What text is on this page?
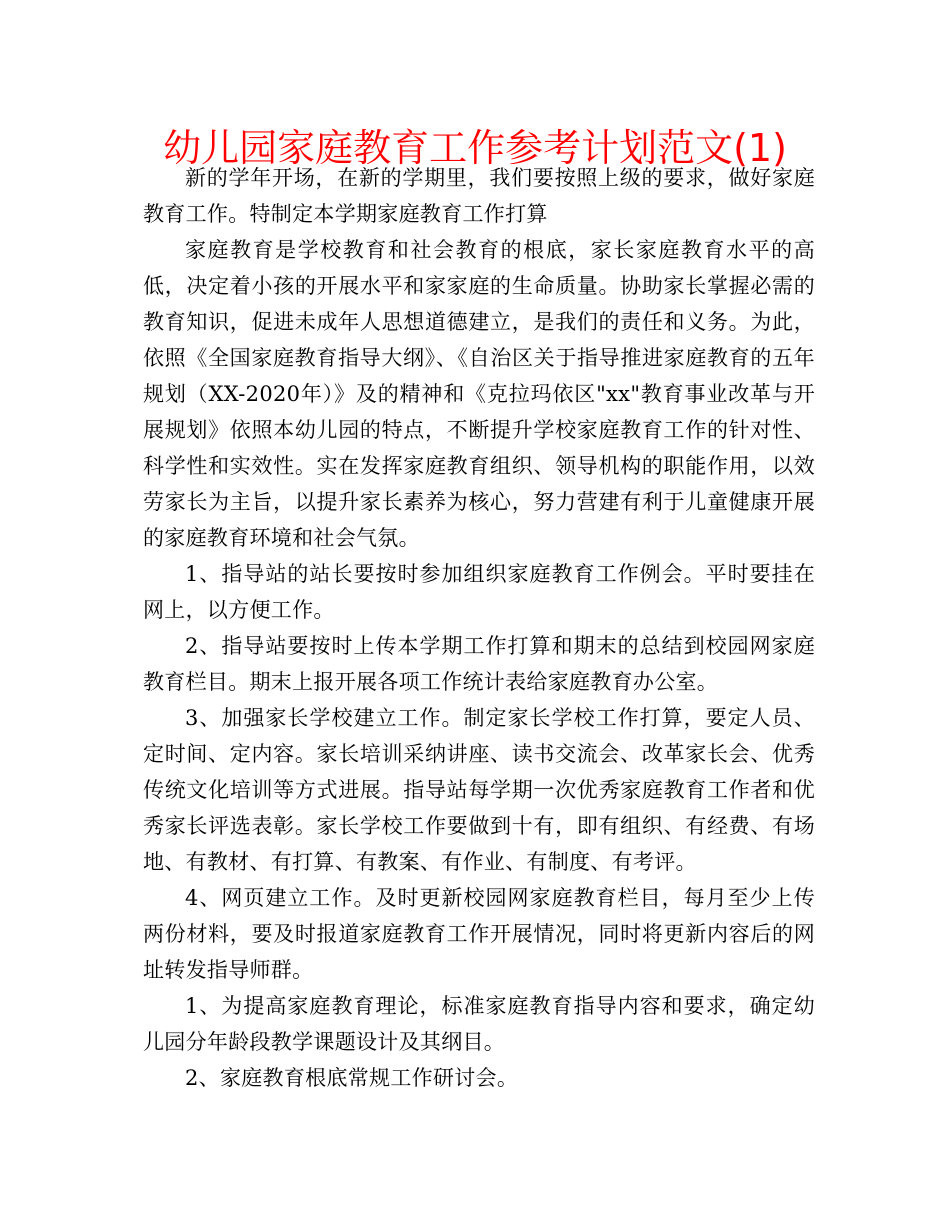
幼儿园家庭教育工作参考计划范文(1)

新的学年开场，在新的学期里，我们要按照上级的要求，做好家庭教育工作。特制定本学期家庭教育工作打算

家庭教育是学校教育和社会教育的根底，家长家庭教育水平的高低，决定着小孩的开展水平和家家庭的生命质量。协助家长掌握必需的教育知识，促进未成年人思想道德建立，是我们的责任和义务。为此，依照《全国家庭教育指导大纲》、《自治区关于指导推进家庭教育的五年规划（XX-2020年）》及的精神和《克拉玛依区"xx"教育事业改革与开展规划》依照本幼儿园的特点，不断提升学校家庭教育工作的针对性、科学性和实效性。实在发挥家庭教育组织、领导机构的职能作用，以效劳家长为主旨，以提升家长素养为核心，努力营建有利于儿童健康开展的家庭教育环境和社会气氛。

1、指导站的站长要按时参加组织家庭教育工作例会。平时要挂在网上，以方便工作。

2、指导站要按时上传本学期工作打算和期末的总结到校园网家庭教育栏目。期末上报开展各项工作统计表给家庭教育办公室。

3、加强家长学校建立工作。制定家长学校工作打算，要定人员、定时间、定内容。家长培训采纳讲座、读书交流会、改革家长会、优秀传统文化培训等方式进展。指导站每学期一次优秀家庭教育工作者和优秀家长评选表彰。家长学校工作要做到十有，即有组织、有经费、有场地、有教材、有打算、有教案、有作业、有制度、有考评。

4、网页建立工作。及时更新校园网家庭教育栏目，每月至少上传两份材料，要及时报道家庭教育工作开展情况，同时将更新内容后的网址转发指导师群。

1、为提高家庭教育理论，标准家庭教育指导内容和要求，确定幼儿园分年龄段教学课题设计及其纲目。

2、家庭教育根底常规工作研讨会。
